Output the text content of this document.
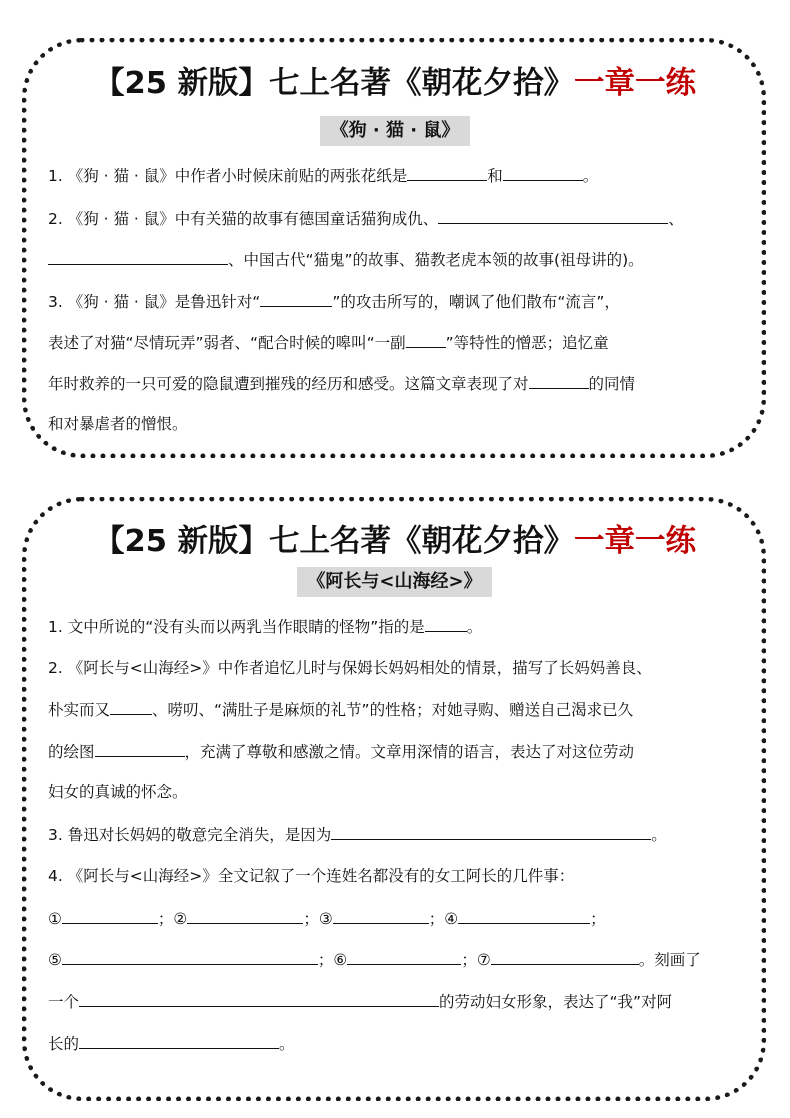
【25 新版】七上名著《朝花夕拾》一章一练
《狗 · 猫 · 鼠》
1. 《狗 · 猫 · 鼠》中作者小时候床前贴的两张花纸是	和	。
2. 《狗 · 猫 · 鼠》中有关猫的故事有德国童话猫狗成仇、	、
、中国古代“猫鬼”的故事、猫教老虎本领的故事(祖母讲的)。
3. 《狗 · 猫 · 鼠》是鲁迅针对“	”的攻击所写的，嘲讽了他们散布“流言”，
表述了对猫“尽情玩弄”弱者、“配合时候的嗥叫“一副	”等特性的憎恶；追忆童
年时救养的一只可爱的隐鼠遭到摧残的经历和感受。这篇文章表现了对	的同情
和对暴虐者的憎恨。
【25 新版】七上名著《朝花夕拾》一章一练
《阿长与<山海经>》
1. 文中所说的“没有头而以两乳当作眼睛的怪物”指的是	。
2. 《阿长与<山海经>》中作者追忆儿时与保姆长妈妈相处的情景，描写了长妈妈善良、
朴实而又	、唠叨、“满肚子是麻烦的礼节”的性格；对她寻购、赠送自己渴求已久
的绘图	，充满了尊敬和感激之情。文章用深情的语言，表达了对这位劳动
妇女的真诚的怀念。
3. 鲁迅对长妈妈的敬意完全消失，是因为	。
4. 《阿长与<山海经>》全文记叙了一个连姓名都没有的女工阿长的几件事：
①	；②	；③	；④	；
⑤	；⑥	；⑦	。刻画了
一个	的劳动妇女形象，表达了“我”对阿
长的	。
